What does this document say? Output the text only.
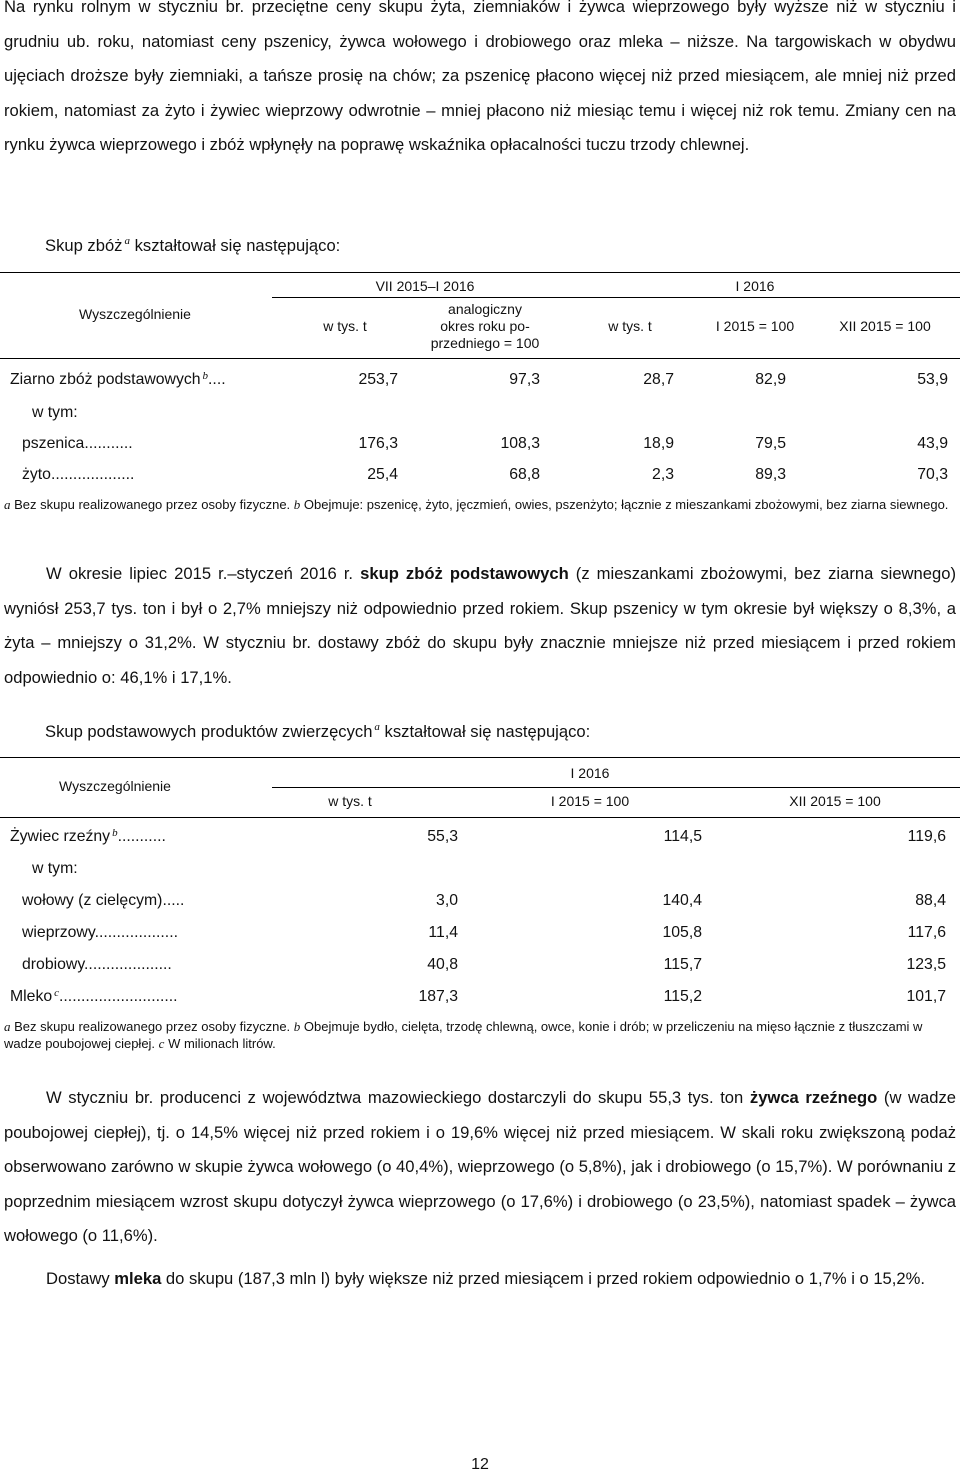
Na rynku rolnym w styczniu br. przeciętne ceny skupu żyta, ziemniaków i żywca wieprzowego były wyższe niż w styczniu i grudniu ub. roku, natomiast ceny pszenicy, żywca wołowego i drobiowego oraz mleka – niższe. Na targowiskach w obydwu ujęciach droższe były ziemniaki, a tańsze prosię na chów; za pszenicę płacono więcej niż przed miesiącem, ale mniej niż przed rokiem, natomiast za żyto i żywiec wieprzowy odwrotnie – mniej płacono niż miesiąc temu i więcej niż rok temu. Zmiany cen na rynku żywca wieprzowego i zbóż wpłynęły na poprawę wskaźnika opłacalności tuczu trzody chlewnej.

Skup zbóż $^a$ kształtował się następująco:

Wyszczególnienie
VII 2015–I 2016	I 2016
w tys. t
analogiczny
okres roku po-
przedniego = 100
w tys. t	I 2015 = 100	XII 2015 = 100
Ziarno zbóż podstawowych $^b$....	253,7	97,3	28,7	82,9	53,9
w tym:
pszenica...........	176,3	108,3	18,9	79,5	43,9
żyto...................	25,4	68,8	2,3	89,3	70,3

a Bez skupu realizowanego przez osoby fizyczne. b Obejmuje: pszenicę, żyto, jęczmień, owies, pszenżyto; łącznie z mieszankami zbożowymi, bez ziarna siewnego.

W okresie lipiec 2015 r.–styczeń 2016 r. skup zbóż podstawowych (z mieszankami zbożowymi, bez ziarna siewnego) wyniósł 253,7 tys. ton i był o 2,7% mniejszy niż odpowiednio przed rokiem. Skup pszenicy w tym okresie był większy o 8,3%, a żyta – mniejszy o 31,2%. W styczniu br. dostawy zbóż do skupu były znacznie mniejsze niż przed miesiącem i przed rokiem odpowiednio o: 46,1% i 17,1%.

Skup podstawowych produktów zwierzęcych $^a$ kształtował się następująco:

Wyszczególnienie
I 2016
w tys. t	I 2015 = 100	XII 2015 = 100
Żywiec rzeźny $^b$...........	55,3	114,5	119,6
w tym:
wołowy (z cielęcym).....	3,0	140,4	88,4
wieprzowy...................	11,4	105,8	117,6
drobiowy....................	40,8	115,7	123,5
Mleko $^c$...........................	187,3	115,2	101,7

a Bez skupu realizowanego przez osoby fizyczne. b Obejmuje bydło, cielęta, trzodę chlewną, owce, konie i drób; w przeliczeniu na mięso łącznie z tłuszczami w wadze poubojowej ciepłej. c W milionach litrów.

W styczniu br. producenci z województwa mazowieckiego dostarczyli do skupu 55,3 tys. ton żywca rzeźnego (w wadze poubojowej ciepłej), tj. o 14,5% więcej niż przed rokiem i o 19,6% więcej niż przed miesiącem. W skali roku zwiększoną podaż obserwowano zarówno w skupie żywca wołowego (o 40,4%), wieprzowego (o 5,8%), jak i drobiowego (o 15,7%). W porównaniu z poprzednim miesiącem wzrost skupu dotyczył żywca wieprzowego (o 17,6%) i drobiowego (o 23,5%), natomiast spadek – żywca wołowego (o 11,6%).

Dostawy mleka do skupu (187,3 mln l) były większe niż przed miesiącem i przed rokiem odpowiednio o 1,7% i o 15,2%.

12
